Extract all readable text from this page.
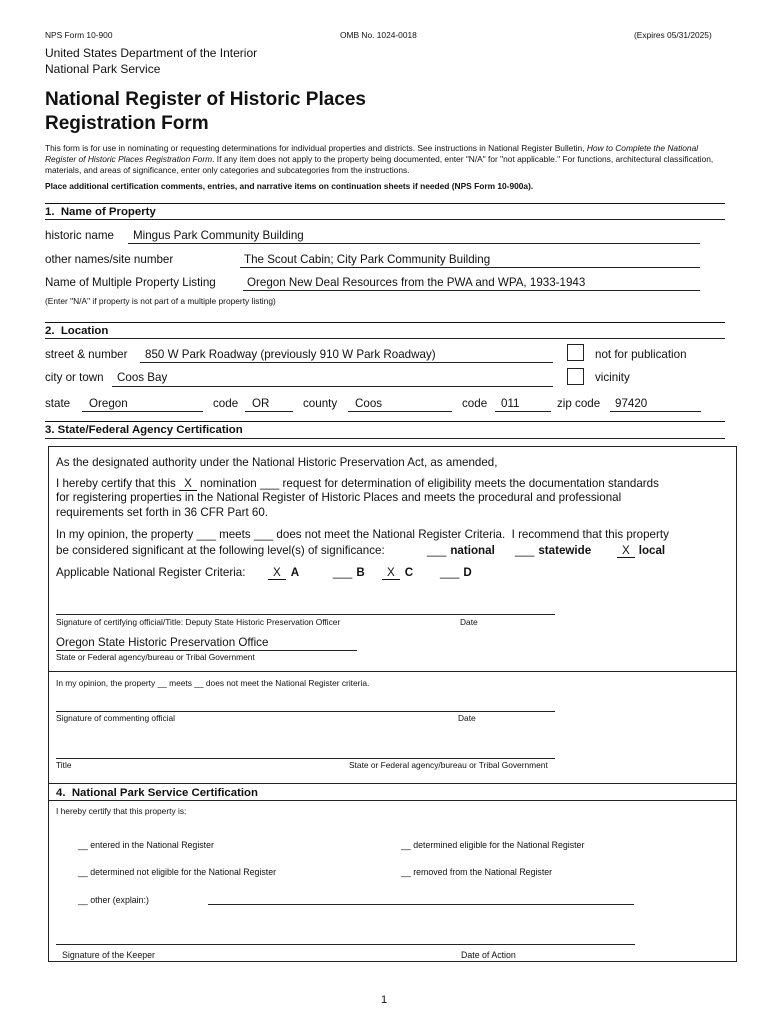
NPS Form 10-900	OMB No. 1024-0018	(Expires 05/31/2025)
United States Department of the Interior
National Park Service
National Register of Historic Places
Registration Form
This form is for use in nominating or requesting determinations for individual properties and districts. See instructions in National Register Bulletin, How to Complete the National Register of Historic Places Registration Form. If any item does not apply to the property being documented, enter "N/A" for "not applicable." For functions, architectural classification, materials, and areas of significance, enter only categories and subcategories from the instructions.
Place additional certification comments, entries, and narrative items on continuation sheets if needed (NPS Form 10-900a).
1.  Name of Property
historic name Mingus Park Community Building
other names/site number	The Scout Cabin; City Park Community Building
Name of Multiple Property Listing	Oregon New Deal Resources from the PWA and WPA, 1933-1943
(Enter "N/A" if property is not part of a multiple property listing)
2.  Location
street & number 850 W Park Roadway (previously 910 W Park Roadway)	not for publication
city or town Coos Bay	vicinity
state Oregon	code OR	county Coos	code 011	zip code 97420
3. State/Federal Agency Certification
As the designated authority under the National Historic Preservation Act, as amended,
I hereby certify that this X nomination ___ request for determination of eligibility meets the documentation standards
for registering properties in the National Register of Historic Places and meets the procedural and professional
requirements set forth in 36 CFR Part 60.
In my opinion, the property ___ meets ___ does not meet the National Register Criteria.  I recommend that this property
be considered significant at the following level(s) of significance:	___ national ___ statewide	X local
Applicable National Register Criteria:	X A	___ B	X C ___ D
Signature of certifying official/Title: Deputy State Historic Preservation Officer	Date
Oregon State Historic Preservation Office
State or Federal agency/bureau or Tribal Government
In my opinion, the property __ meets __ does not meet the National Register criteria.
Signature of commenting official	Date
Title	State or Federal agency/bureau or Tribal Government
4.  National Park Service Certification
I hereby certify that this property is:
__ entered in the National Register	__ determined eligible for the National Register
__ determined not eligible for the National Register	__ removed from the National Register
__ other (explain:)
Signature of the Keeper	Date of Action
1
